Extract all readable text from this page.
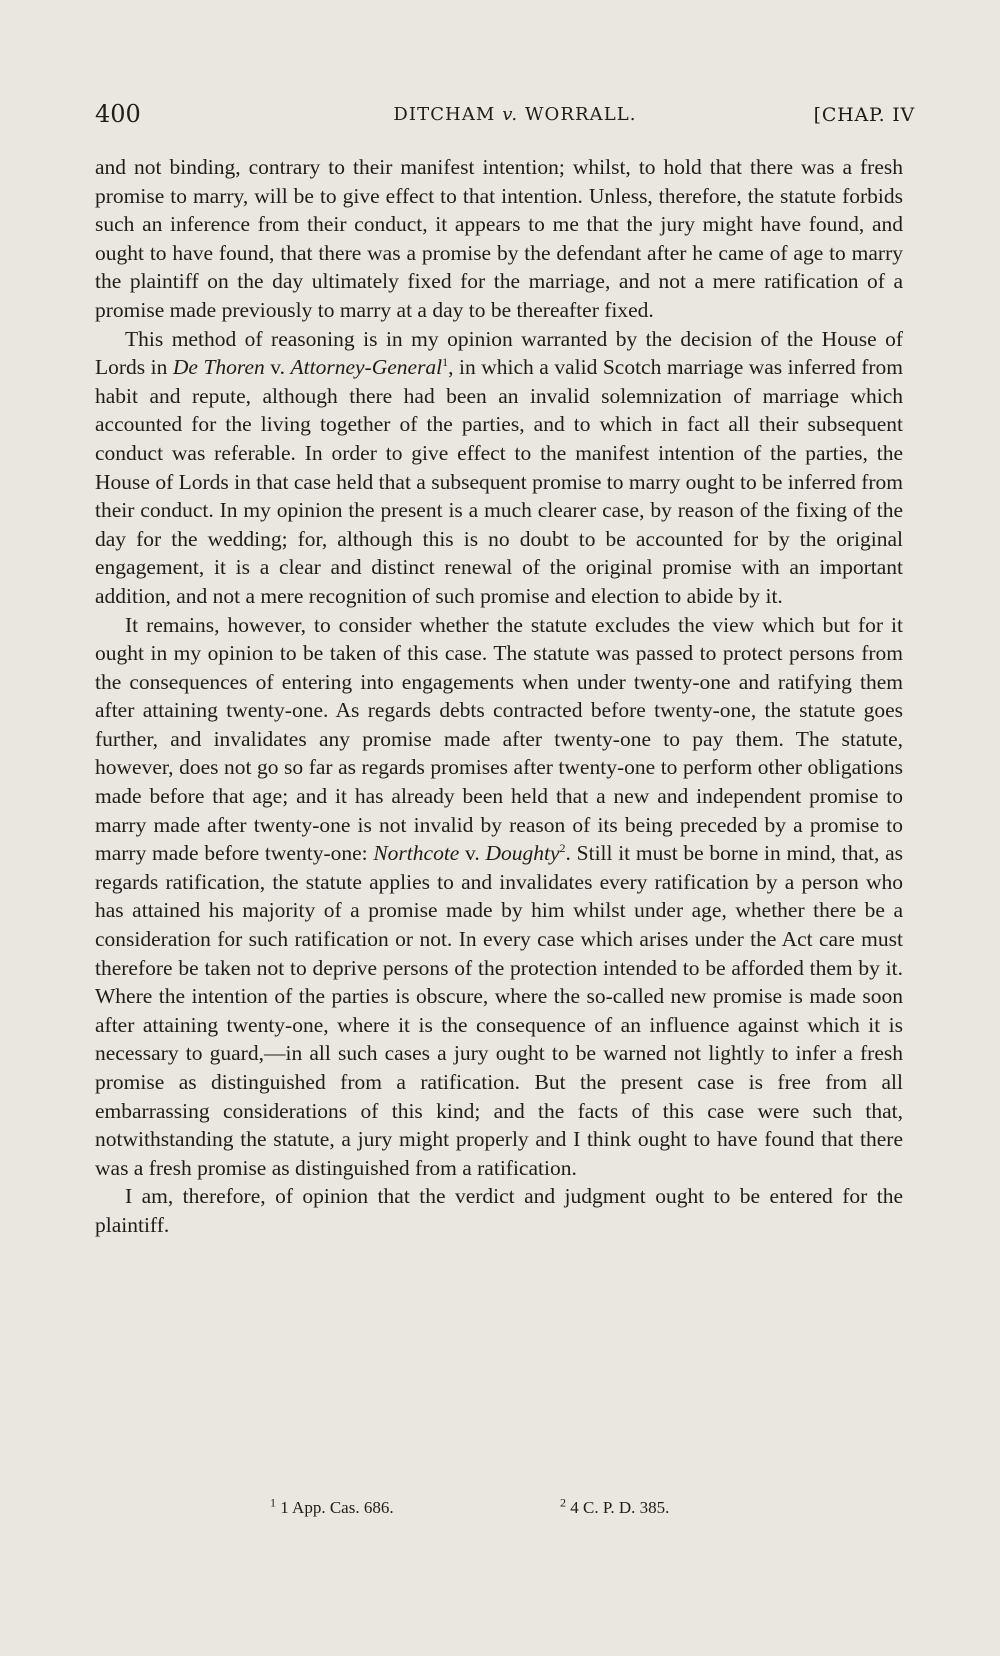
400	DITCHAM v. WORRALL.	[CHAP. IV

and not binding, contrary to their manifest intention; whilst, to hold that there was a fresh promise to marry, will be to give effect to that intention. Unless, therefore, the statute forbids such an inference from their conduct, it appears to me that the jury might have found, and ought to have found, that there was a promise by the defendant after he came of age to marry the plaintiff on the day ultimately fixed for the marriage, and not a mere ratification of a promise made previously to marry at a day to be thereafter fixed.

This method of reasoning is in my opinion warranted by the decision of the House of Lords in De Thoren v. Attorney-General$^1$, in which a valid Scotch marriage was inferred from habit and repute, although there had been an invalid solemnization of marriage which accounted for the living together of the parties, and to which in fact all their subsequent conduct was referable. In order to give effect to the manifest intention of the parties, the House of Lords in that case held that a subsequent promise to marry ought to be inferred from their conduct. In my opinion the present is a much clearer case, by reason of the fixing of the day for the wedding; for, although this is no doubt to be accounted for by the original engagement, it is a clear and distinct renewal of the original promise with an important addition, and not a mere recognition of such promise and election to abide by it.

It remains, however, to consider whether the statute excludes the view which but for it ought in my opinion to be taken of this case. The statute was passed to protect persons from the consequences of entering into engagements when under twenty-one and ratifying them after attaining twenty-one. As regards debts contracted before twenty-one, the statute goes further, and invalidates any promise made after twenty-one to pay them. The statute, however, does not go so far as regards promises after twenty-one to perform other obligations made before that age; and it has already been held that a new and independent promise to marry made after twenty-one is not invalid by reason of its being preceded by a promise to marry made before twenty-one: Northcote v. Doughty$^2$. Still it must be borne in mind, that, as regards ratification, the statute applies to and invalidates every ratification by a person who has attained his majority of a promise made by him whilst under age, whether there be a consideration for such ratification or not. In every case which arises under the Act care must therefore be taken not to deprive persons of the protection intended to be afforded them by it. Where the intention of the parties is obscure, where the so-called new promise is made soon after attaining twenty-one, where it is the consequence of an influence against which it is necessary to guard,—in all such cases a jury ought to be warned not lightly to infer a fresh promise as distinguished from a ratification. But the present case is free from all embarrassing considerations of this kind; and the facts of this case were such that, notwithstanding the statute, a jury might properly and I think ought to have found that there was a fresh promise as distinguished from a ratification.

I am, therefore, of opinion that the verdict and judgment ought to be entered for the plaintiff.

$^1$ 1 App. Cas. 686.	$^2$ 4 C. P. D. 385.
